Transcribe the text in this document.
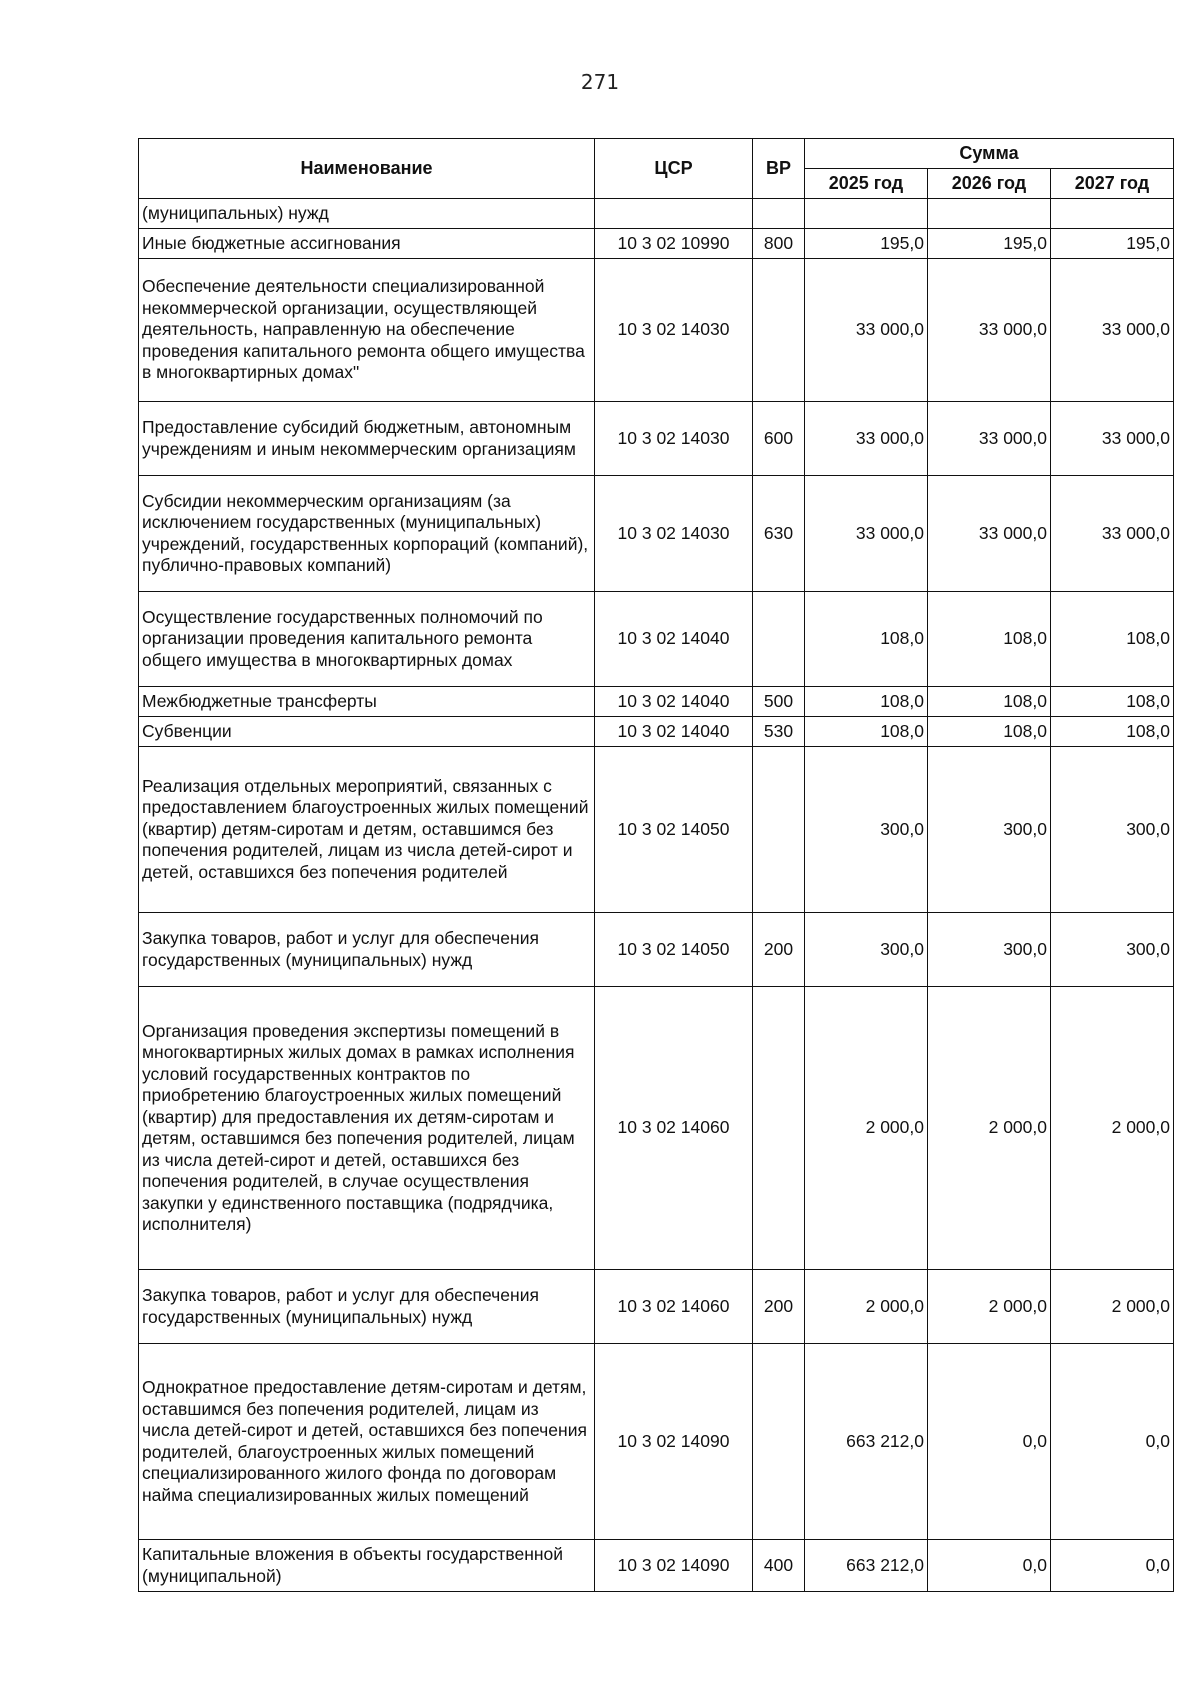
271
Наименование	ЦСР	ВР	Сумма		
			2025 год	2026 год	2027 год
(муниципальных) нужд					
Иные бюджетные ассигнования	10 3 02 10990	800	195,0	195,0	195,0
Обеспечение деятельности специализированной некоммерческой организации, осуществляющей деятельность, направленную на обеспечение проведения капитального ремонта общего имущества в многоквартирных домах"	10 3 02 14030		33 000,0	33 000,0	33 000,0
Предоставление субсидий бюджетным, автономным учреждениям и иным некоммерческим организациям	10 3 02 14030	600	33 000,0	33 000,0	33 000,0
Субсидии некоммерческим организациям (за исключением государственных (муниципальных) учреждений, государственных корпораций (компаний), публично-правовых компаний)	10 3 02 14030	630	33 000,0	33 000,0	33 000,0
Осуществление государственных полномочий по организации проведения капитального ремонта общего имущества в многоквартирных домах	10 3 02 14040		108,0	108,0	108,0
Межбюджетные трансферты	10 3 02 14040	500	108,0	108,0	108,0
Субвенции	10 3 02 14040	530	108,0	108,0	108,0
Реализация отдельных мероприятий, связанных с предоставлением благоустроенных жилых помещений (квартир) детям-сиротам и детям, оставшимся без попечения родителей, лицам из числа детей-сирот и детей, оставшихся без попечения родителей	10 3 02 14050		300,0	300,0	300,0
Закупка товаров, работ и услуг для обеспечения государственных (муниципальных) нужд	10 3 02 14050	200	300,0	300,0	300,0
Организация проведения экспертизы помещений в многоквартирных жилых домах в рамках исполнения условий государственных контрактов по приобретению благоустроенных жилых помещений (квартир) для предоставления их детям-сиротам и детям, оставшимся без попечения родителей, лицам из числа детей-сирот и детей, оставшихся без попечения родителей, в случае осуществления закупки у единственного поставщика (подрядчика, исполнителя)	10 3 02 14060		2 000,0	2 000,0	2 000,0
Закупка товаров, работ и услуг для обеспечения государственных (муниципальных) нужд	10 3 02 14060	200	2 000,0	2 000,0	2 000,0
Однократное предоставление детям-сиротам и детям, оставшимся без попечения родителей, лицам из числа детей-сирот и детей, оставшихся без попечения родителей, благоустроенных жилых помещений специализированного жилого фонда по договорам найма специализированных жилых помещений	10 3 02 14090		663 212,0	0,0	0,0
Капитальные вложения в объекты государственной (муниципальной)	10 3 02 14090	400	663 212,0	0,0	0,0
